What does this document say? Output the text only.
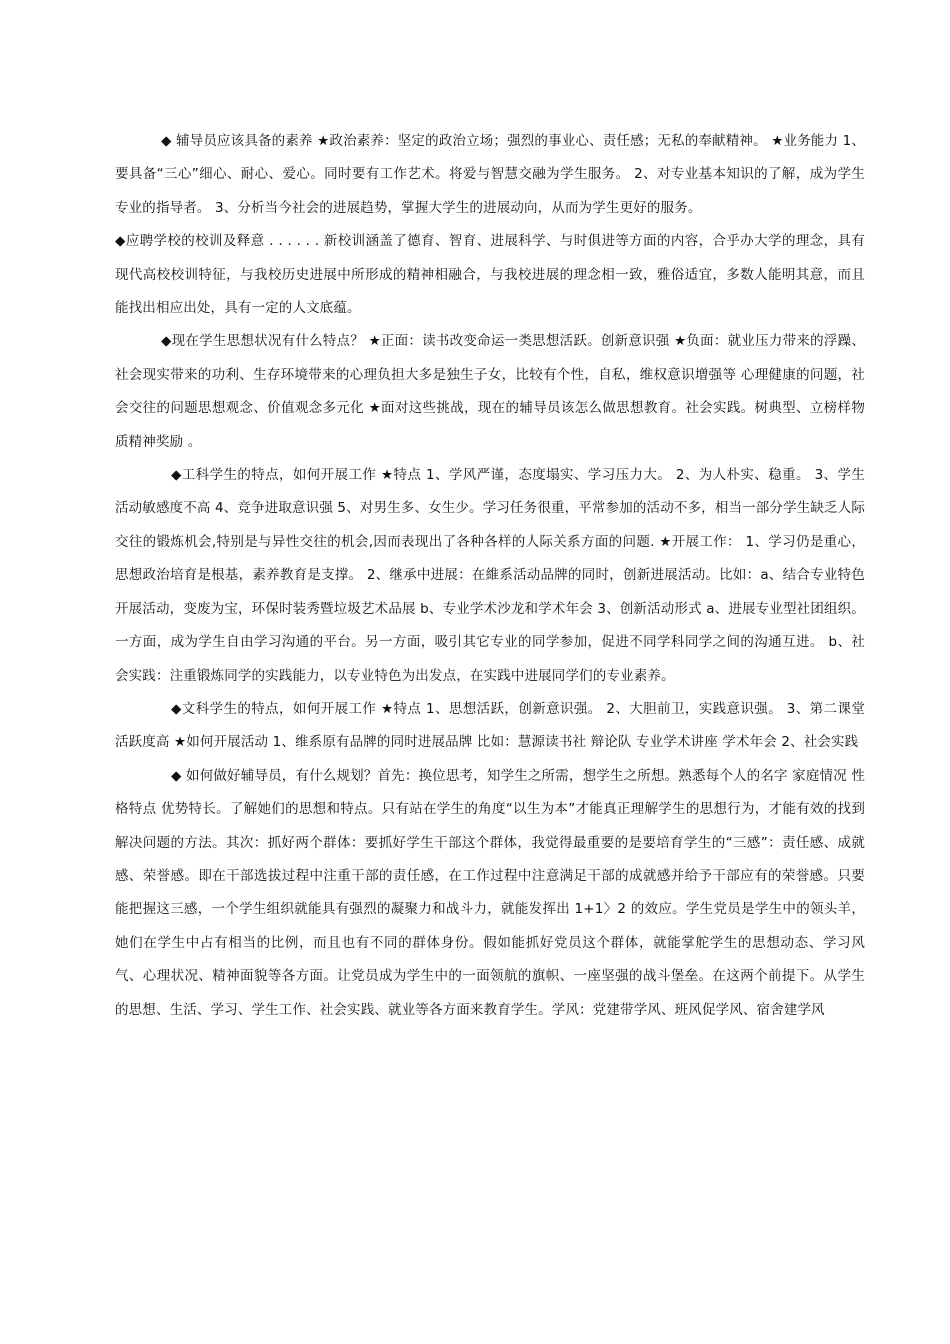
◆ 辅导员应该具备的素养 ★政治素养：坚定的政治立场；强烈的事业心、责任感；无私的奉献精神。 ★业务能力 1、要具备“三心”细心、耐心、爱心。同时要有工作艺术。将爱与智慧交融为学生服务。 2、对专业基本知识的了解，成为学生专业的指导者。 3、分析当今社会的进展趋势，掌握大学生的进展动向，从而为学生更好的服务。

◆应聘学校的校训及释意 . . . . . . 新校训涵盖了德育、智育、进展科学、与时俱进等方面的内容，合乎办大学的理念，具有现代高校校训特征，与我校历史进展中所形成的精神相融合，与我校进展的理念相一致，雅俗适宜，多数人能明其意，而且能找出相应出处，具有一定的人文底蕴。

◆现在学生思想状况有什么特点？ ★正面：读书改变命运一类思想活跃。创新意识强 ★负面：就业压力带来的浮躁、社会现实带来的功利、生存环境带来的心理负担大多是独生子女，比较有个性，自私，维权意识增强等 心理健康的问题，社会交往的问题思想观念、价值观念多元化 ★面对这些挑战，现在的辅导员该怎么做思想教育。社会实践。树典型、立榜样物质精神奖励 。

◆工科学生的特点，如何开展工作 ★特点 1、学风严谨，态度塌实、学习压力大。 2、为人朴实、稳重。 3、学生活动敏感度不高 4、竞争进取意识强 5、对男生多、女生少。学习任务很重，平常参加的活动不多，相当一部分学生缺乏人际交往的锻炼机会,特别是与异性交往的机会,因而表现出了各种各样的人际关系方面的问题. ★开展工作： 1、学习仍是重心，思想政治培育是根基，素养教育是支撑。 2、继承中进展：在維系活动品牌的同时，创新进展活动。比如：a、结合专业特色开展活动，变废为宝，环保时装秀暨垃圾艺术品展 b、专业学术沙龙和学术年会 3、创新活动形式 a、进展专业型社团组织。一方面，成为学生自由学习沟通的平台。另一方面，吸引其它专业的同学参加，促进不同学科同学之间的沟通互进。 b、社会实践：注重锻炼同学的实践能力，以专业特色为出发点，在实践中进展同学们的专业素养。

◆文科学生的特点，如何开展工作 ★特点 1、思想活跃，创新意识强。 2、大胆前卫，实践意识强。 3、第二课堂活跃度高 ★如何开展活动 1、维系原有品牌的同时进展品牌 比如：慧源读书社 辩论队 专业学术讲座 学术年会 2、社会实践

◆ 如何做好辅导员，有什么规划？首先：换位思考，知学生之所需，想学生之所想。熟悉每个人的名字 家庭情况 性格特点 优势特长。了解她们的思想和特点。只有站在学生的角度“以生为本”才能真正理解学生的思想行为，才能有效的找到解决问题的方法。其次：抓好两个群体：要抓好学生干部这个群体，我觉得最重要的是要培育学生的“三感”：责任感、成就感、荣誉感。即在干部选拔过程中注重干部的责任感，在工作过程中注意满足干部的成就感并给予干部应有的荣誉感。只要能把握这三感，一个学生组织就能具有强烈的凝聚力和战斗力，就能发挥出 1+1〉2 的效应。学生党员是学生中的领头羊，她们在学生中占有相当的比例，而且也有不同的群体身份。假如能抓好党员这个群体，就能掌舵学生的思想动态、学习风气、心理状况、精神面貌等各方面。让党员成为学生中的一面领航的旗帜、一座坚强的战斗堡垒。在这两个前提下。从学生的思想、生活、学习、学生工作、社会实践、就业等各方面来教育学生。学风：党建带学风、班风促学风、宿舍建学风
